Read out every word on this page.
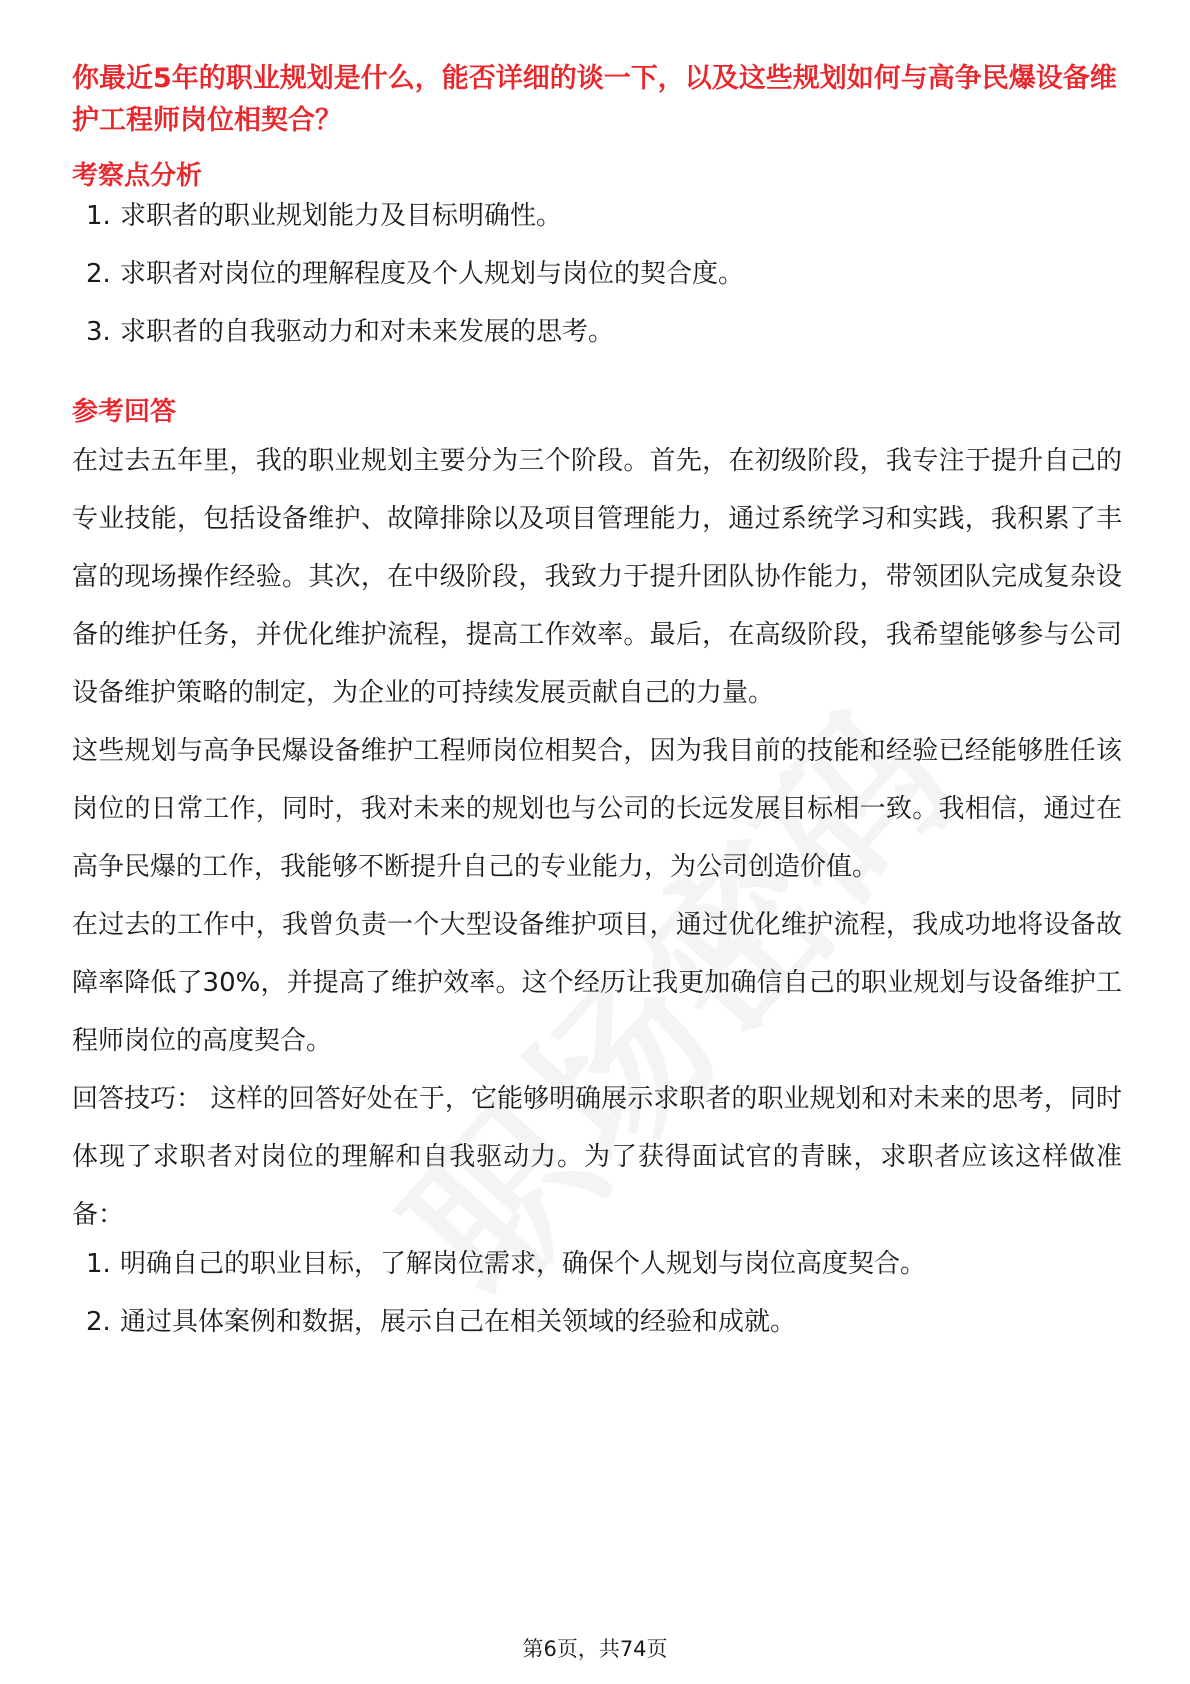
你最近5年的职业规划是什么，能否详细的谈一下，以及这些规划如何与高争民爆设备维护工程师岗位相契合？
考察点分析
1. 求职者的职业规划能力及目标明确性。
2. 求职者对岗位的理解程度及个人规划与岗位的契合度。
3. 求职者的自我驱动力和对未来发展的思考。
参考回答

在过去五年里，我的职业规划主要分为三个阶段。首先，在初级阶段，我专注于提升自己的专业技能，包括设备维护、故障排除以及项目管理能力，通过系统学习和实践，我积累了丰富的现场操作经验。其次，在中级阶段，我致力于提升团队协作能力，带领团队完成复杂设备的维护任务，并优化维护流程，提高工作效率。最后，在高级阶段，我希望能够参与公司设备维护策略的制定，为企业的可持续发展贡献自己的力量。

这些规划与高争民爆设备维护工程师岗位相契合，因为我目前的技能和经验已经能够胜任该岗位的日常工作，同时，我对未来的规划也与公司的长远发展目标相一致。我相信，通过在高争民爆的工作，我能够不断提升自己的专业能力，为公司创造价值。

在过去的工作中，我曾负责一个大型设备维护项目，通过优化维护流程，我成功地将设备故障率降低了30%，并提高了维护效率。这个经历让我更加确信自己的职业规划与设备维护工程师岗位的高度契合。

回答技巧： 这样的回答好处在于，它能够明确展示求职者的职业规划和对未来的思考，同时体现了求职者对岗位的理解和自我驱动力。为了获得面试官的青睐，求职者应该这样做准备：

1. 明确自己的职业目标，了解岗位需求，确保个人规划与岗位高度契合。
2. 通过具体案例和数据，展示自己在相关领域的经验和成就。
第6页，共74页
